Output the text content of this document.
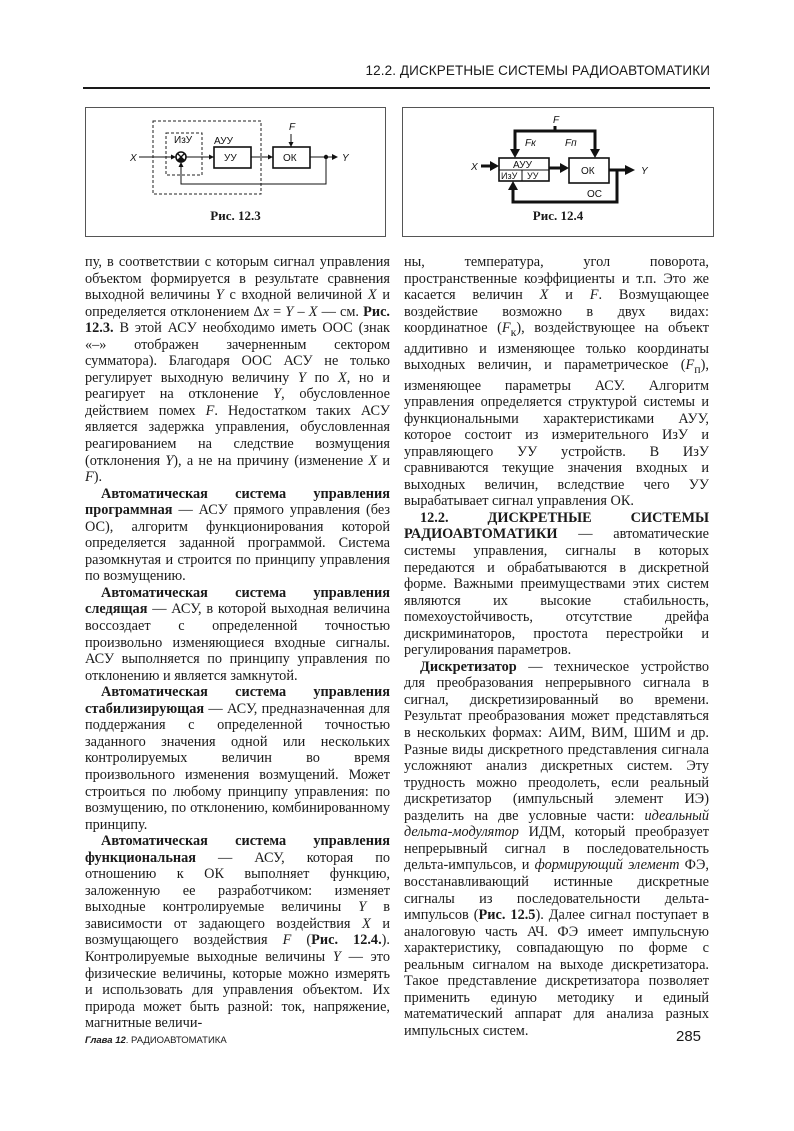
12.2. ДИСКРЕТНЫЕ СИСТЕМЫ РАДИОАВТОМАТИКИ
X
ИзУ АУУ
УУ	ОК
F
Y
Рис. 12.3
F
Fк	Fп
X	АУУ
ИзУ УУ	ОК	Y
ОС
Рис. 12.4

пу, в соответствии с которым сигнал управления объектом формируется в результате сравнения выходной величины Y с входной величиной X и определяется отклонением Δx = Y – X — см. Рис. 12.3. В этой АСУ необходимо иметь ООС (знак «–» отображен зачерненным сектором сумматора). Благодаря ООС АСУ не только регулирует выходную величину Y по X, но и реагирует на отклонение Y, обусловленное действием помех F. Недостатком таких АСУ является задержка управления, обусловленная реагированием на следствие возмущения (отклонения Y), а не на причину (изменение X и F).

Автоматическая система управления программная — АСУ прямого управления (без ОС), алгоритм функционирования которой определяется заданной программой. Система разомкнутая и строится по принципу управления по возмущению.

Автоматическая система управления следящая — АСУ, в которой выходная величина воссоздает с определенной точностью произвольно изменяющиеся входные сигналы. АСУ выполняется по принципу управления по отклонению и является замкнутой.

Автоматическая система управления стабилизирующая — АСУ, предназначенная для поддержания с определенной точностью заданного значения одной или нескольких контролируемых величин во время произвольного изменения возмущений. Может строиться по любому принципу управления: по возмущению, по отклонению, комбинированному принципу.

Автоматическая система управления функциональная — АСУ, которая по отношению к ОК выполняет функцию, заложенную ее разработчиком: изменяет выходные контролируемые величины Y в зависимости от задающего воздействия X и возмущающего воздействия F (Рис. 12.4.). Контролируемые выходные величины Y — это физические величины, которые можно измерять и использовать для управления объектом. Их природа может быть разной: ток, напряжение, магнитные величи-

ны, температура, угол поворота, пространственные коэффициенты и т.п. Это же касается величин X и F. Возмущающее воздействие возможно в двух видах: координатное $(F_к)$, воздействующее на объект аддитивно и изменяющее только координаты выходных величин, и параметрическое $(F_п)$, изменяющее параметры АСУ. Алгоритм управления определяется структурой системы и функциональными характеристиками АУУ, которое состоит из измерительного ИзУ и управляющего УУ устройств. В ИзУ сравниваются текущие значения входных и выходных величин, вследствие чего УУ вырабатывает сигнал управления ОК.

12.2. ДИСКРЕТНЫЕ СИСТЕМЫ РАДИОАВТОМАТИКИ — автоматические системы управления, сигналы в которых передаются и обрабатываются в дискретной форме. Важными преимуществами этих систем являются их высокие стабильность, помехоустойчивость, отсутствие дрейфа дискриминаторов, простота перестройки и регулирования параметров.

Дискретизатор — техническое устройство для преобразования непрерывного сигнала в сигнал, дискретизированный во времени. Результат преобразования может представляться в нескольких формах: АИМ, ВИМ, ШИМ и др. Разные виды дискретного представления сигнала усложняют анализ дискретных систем. Эту трудность можно преодолеть, если реальный дискретизатор (импульсный элемент ИЭ) разделить на две условные части: идеальный дельта-модулятор ИДМ, который преобразует непрерывный сигнал в последовательность дельта-импульсов, и формирующий элемент ФЭ, восстанавливающий истинные дискретные сигналы из последовательности дельта-импульсов (Рис. 12.5). Далее сигнал поступает в аналоговую часть АЧ. ФЭ имеет импульсную характеристику, совпадающую по форме с реальным сигналом на выходе дискретизатора. Такое представление дискретизатора позволяет применить единую методику и единый математический аппарат для анализа разных импульсных систем.

Глава 12. РАДИОАВТОМАТИКА	285
